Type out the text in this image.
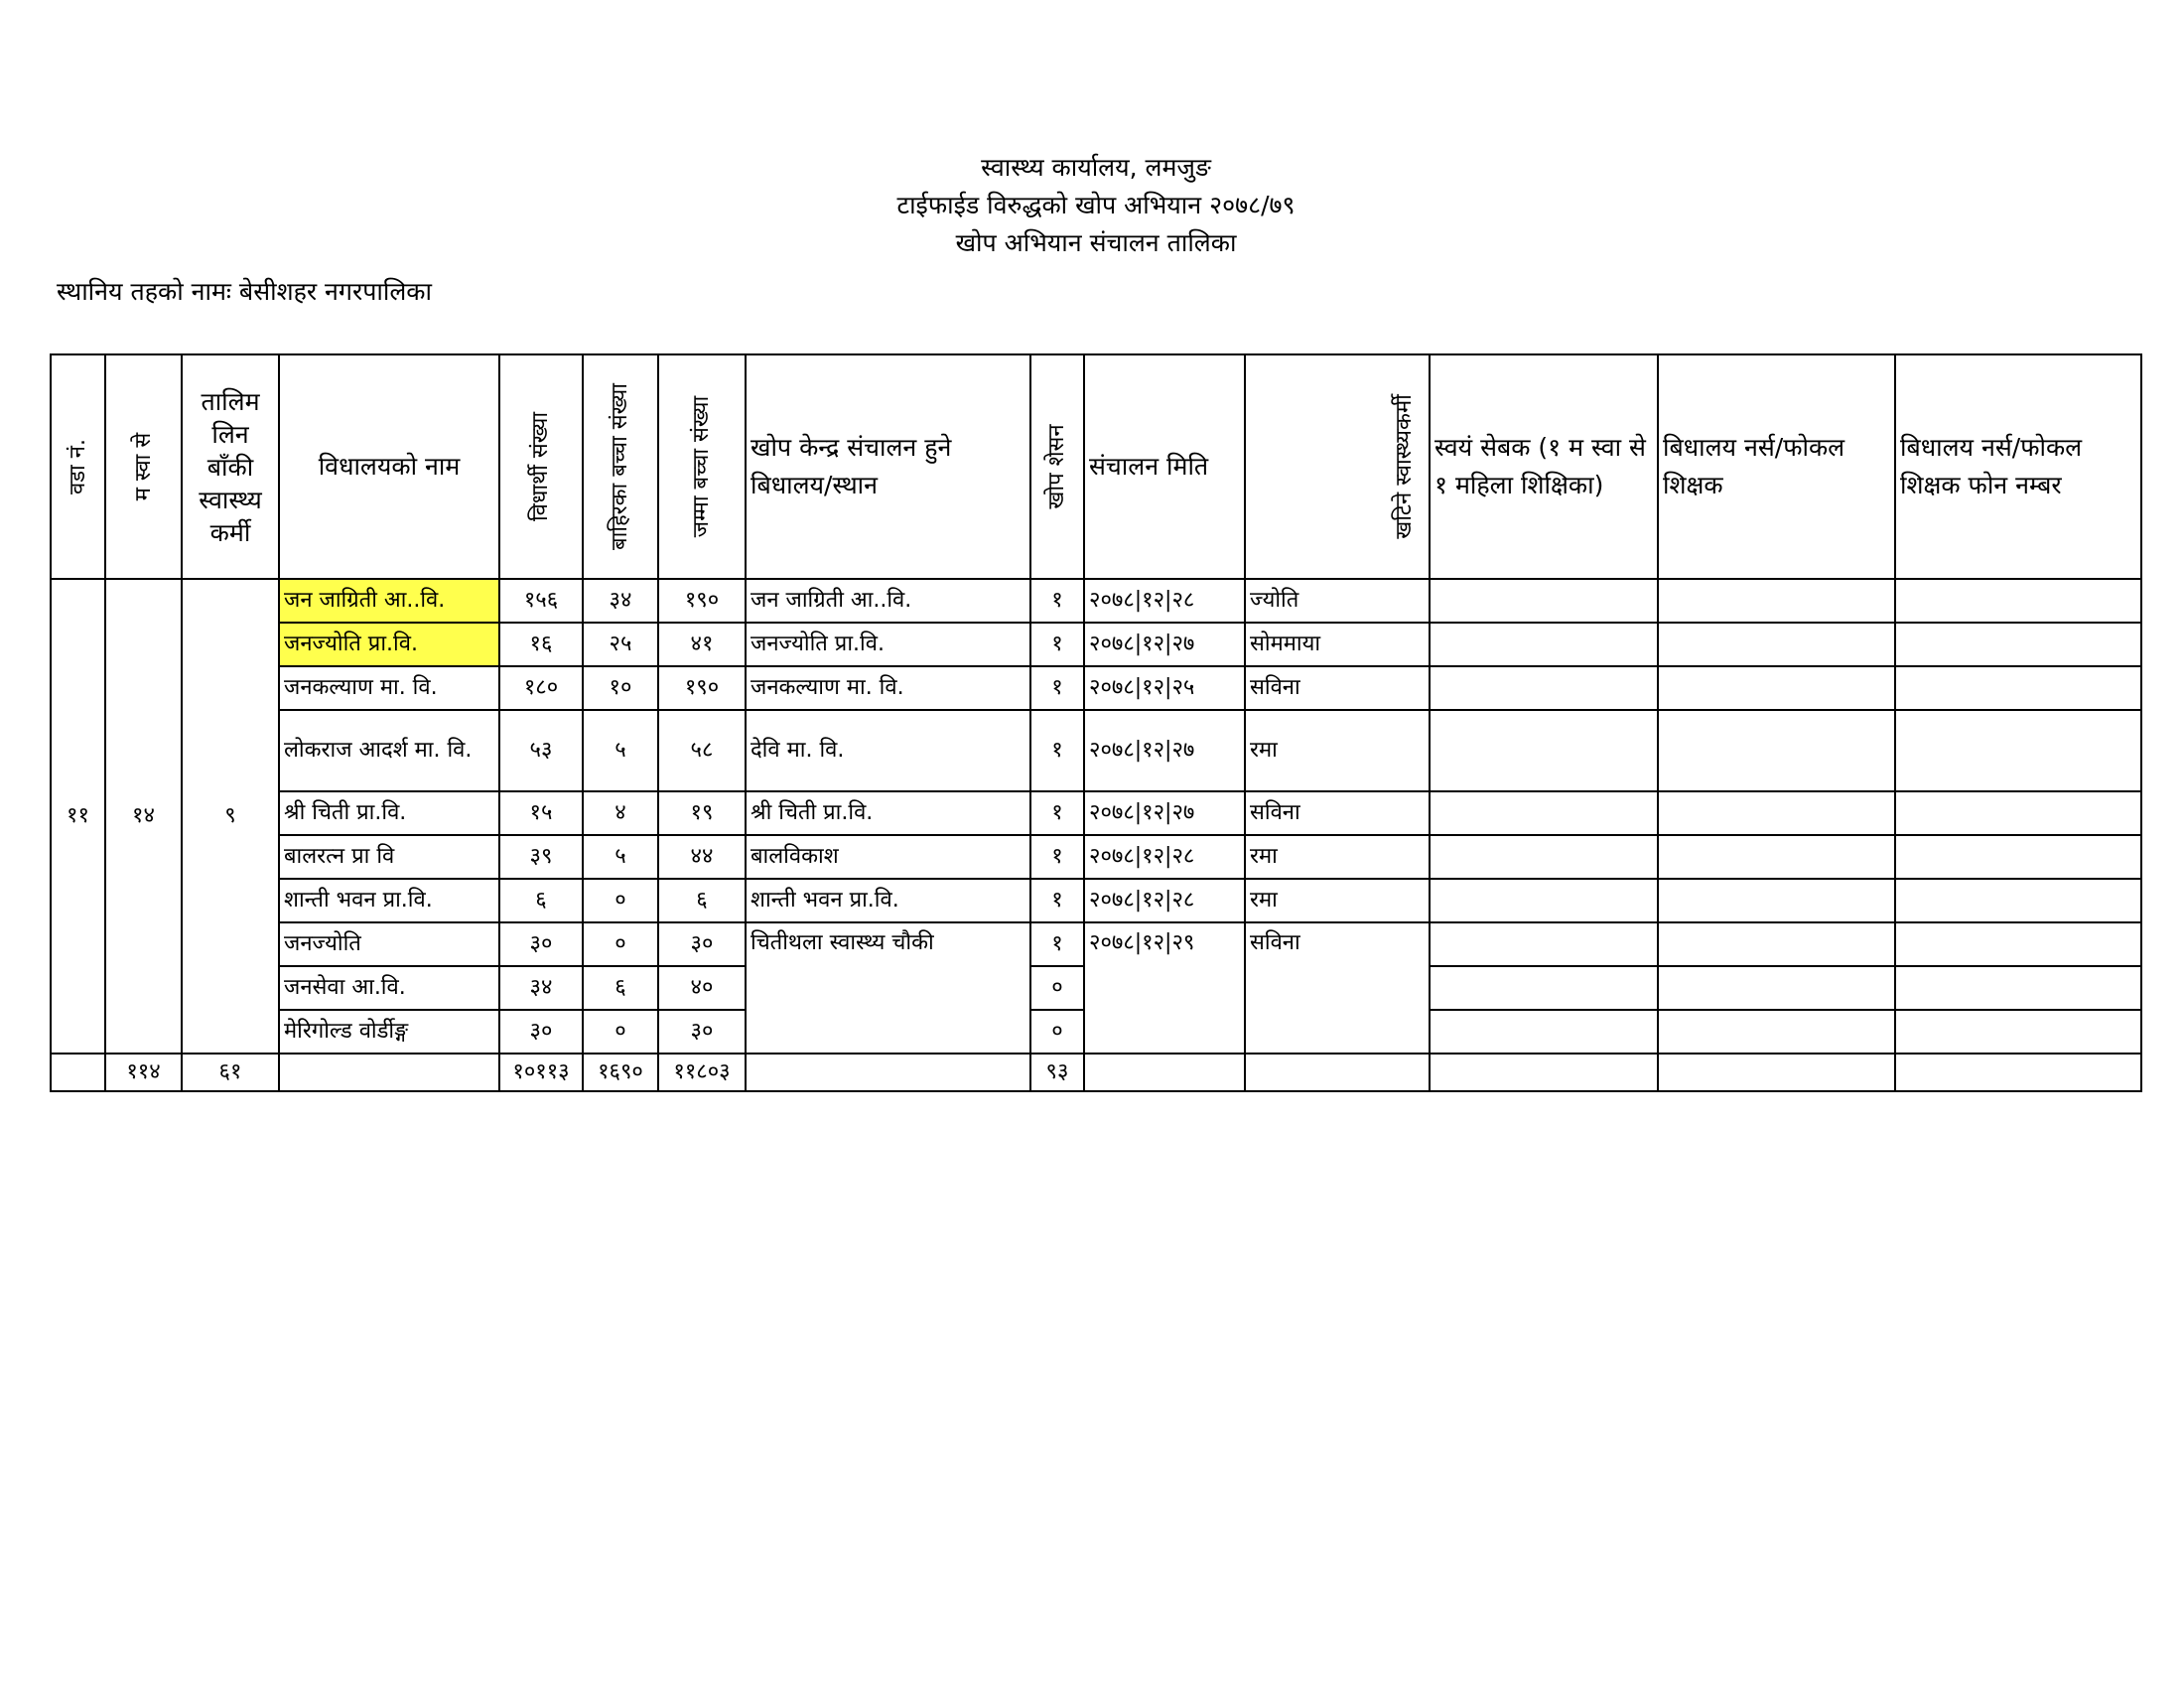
स्वास्थ्य कार्यालय, लमजुङ
टाईफाईड विरुद्धको खोप अभियान २०७८/७९
खोप अभियान संचालन तालिका
स्थानिय तहको नामः बेसीशहर नगरपालिका
वडा नं.	म स्वा से	तालिम लिन बाँकी स्वास्थ्य कर्मी	विधालयको नाम	विधार्थी संख्या	बाहिरका बच्चा संख्या	जम्मा बच्चा संख्या	खोप केन्द्र संचालन हुने बिधालय/स्थान	खोप शेसन	संचालन मिति	खटिने स्वास्थ्यकर्मी	स्वयं सेबक (१ म स्वा से १ महिला शिक्षिका)	बिधालय नर्स/फोकल शिक्षक	बिधालय नर्स/फोकल शिक्षक फोन नम्बर
११	१४	९	जन जाग्रिती आ..वि.	१५६	३४	१९०	जन जाग्रिती आ..वि.	१	२०७८|१२|२८	ज्योति			
			जनज्योति प्रा.वि.	१६	२५	४१	जनज्योति प्रा.वि.	१	२०७८|१२|२७	सोममाया			
			जनकल्याण मा. वि.	१८०	१०	१९०	जनकल्याण मा. वि.	१	२०७८|१२|२५	सविना			
			लोकराज आदर्श मा. वि.	५३	५	५८	देवि मा. वि.	१	२०७८|१२|२७	रमा			
			श्री चिती प्रा.वि.	१५	४	१९	श्री चिती प्रा.वि.	१	२०७८|१२|२७	सविना			
			बालरत्न प्रा वि	३९	५	४४	बालविकाश	१	२०७८|१२|२८	रमा			
			शान्ती भवन प्रा.वि.	६	०	६	शान्ती भवन प्रा.वि.	१	२०७८|१२|२८	रमा			
			जनज्योति	३०	०	३०	चितीथला स्वास्थ्य चौकी	१	२०७८|१२|२९	सविना			
			जनसेवा आ.वि.	३४	६	४०		०					
			मेरिगोल्ड वोर्डीङ्ग	३०	०	३०		०					
	११४	६१		१०११३	१६९०	११८०३		९३					
